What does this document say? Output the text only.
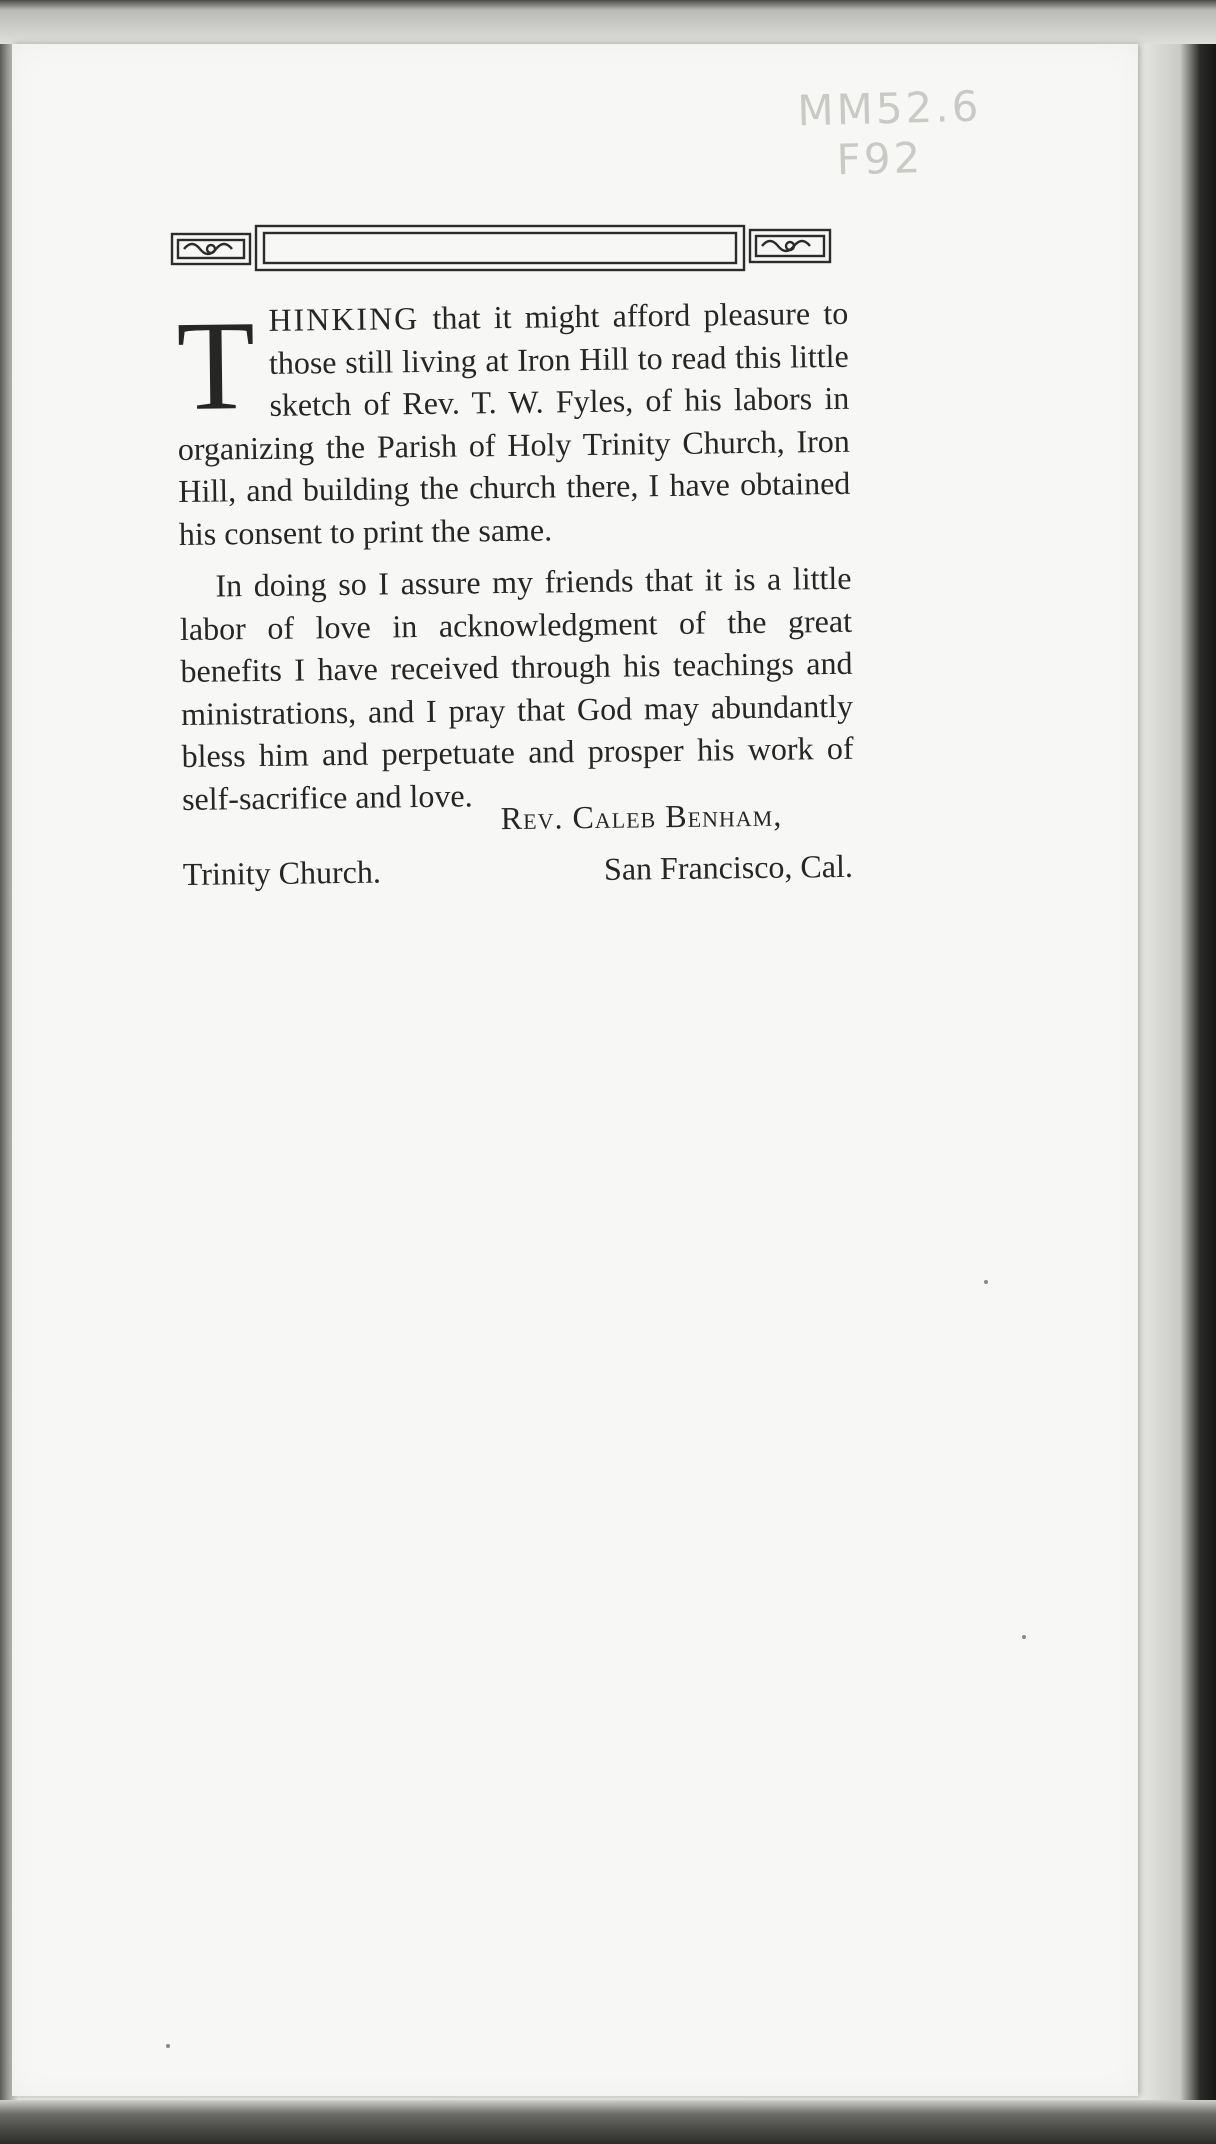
MM52.6
F92

THINKING that it might afford pleasure to those still living at Iron Hill to read this little sketch of Rev. T. W. Fyles, of his labors in organizing the Parish of Holy Trinity Church, Iron Hill, and building the church there, I have obtained his consent to print the same.

In doing so I assure my friends that it is a little labor of love in acknowledgment of the great benefits I have received through his teachings and ministrations, and I pray that God may abundantly bless him and perpetuate and prosper his work of self-sacrifice and love. Rev. Caleb Benham,
Trinity Church.	San Francisco, Cal.
